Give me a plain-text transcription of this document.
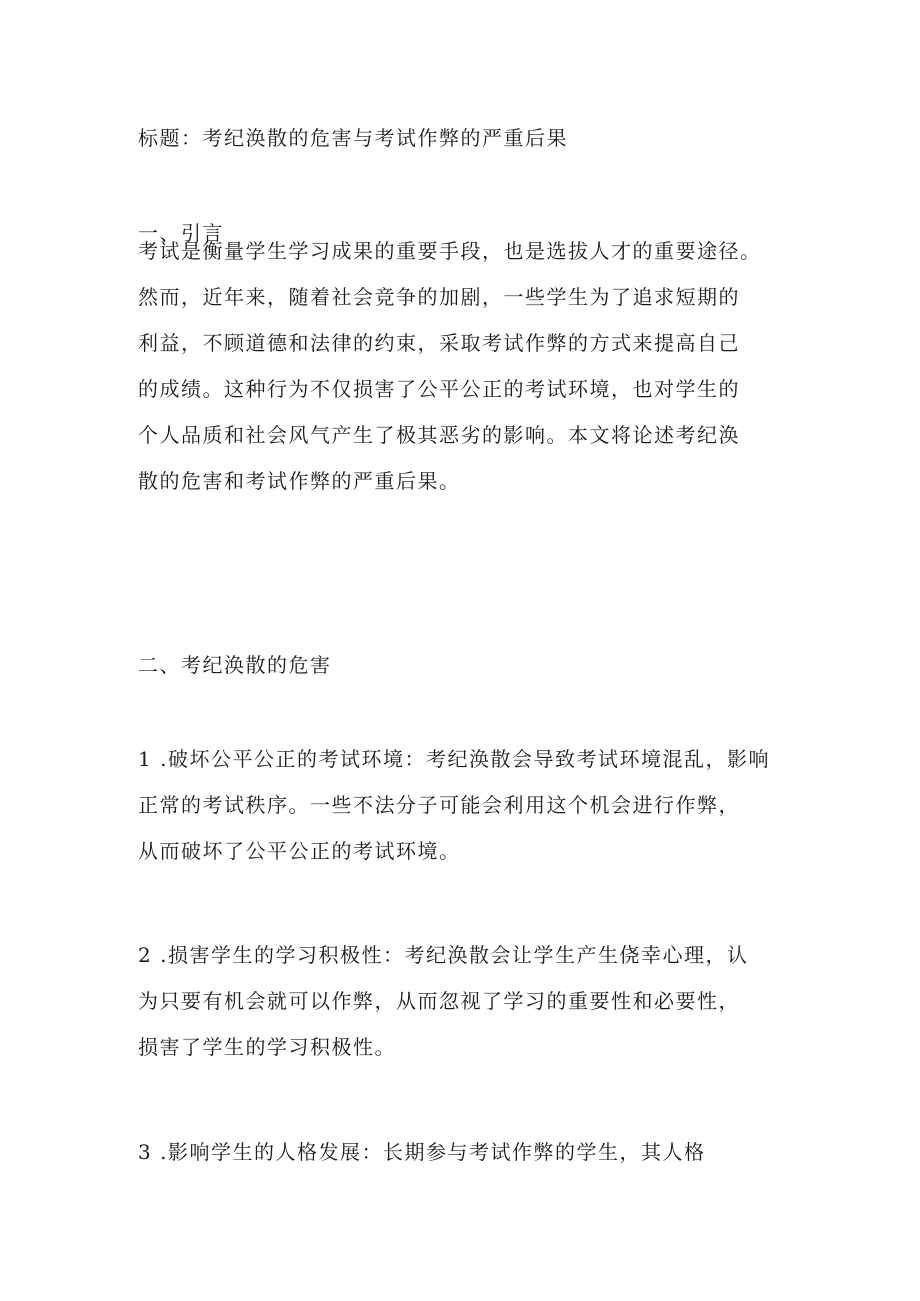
标题：考纪涣散的危害与考试作弊的严重后果
一、引言

考试是衡量学生学习成果的重要手段，也是选拔人才的重要途径。
然而，近年来，随着社会竞争的加剧，一些学生为了追求短期的
利益，不顾道德和法律的约束，采取考试作弊的方式来提高自己
的成绩。这种行为不仅损害了公平公正的考试环境，也对学生的
个人品质和社会风气产生了极其恶劣的影响。本文将论述考纪涣
散的危害和考试作弊的严重后果。

二、考纪涣散的危害

1 .破坏公平公正的考试环境：考纪涣散会导致考试环境混乱，影响
正常的考试秩序。一些不法分子可能会利用这个机会进行作弊，
从而破坏了公平公正的考试环境。

2 .损害学生的学习积极性：考纪涣散会让学生产生侥幸心理，认
为只要有机会就可以作弊，从而忽视了学习的重要性和必要性，
损害了学生的学习积极性。

3 .影响学生的人格发展：长期参与考试作弊的学生，其人格
